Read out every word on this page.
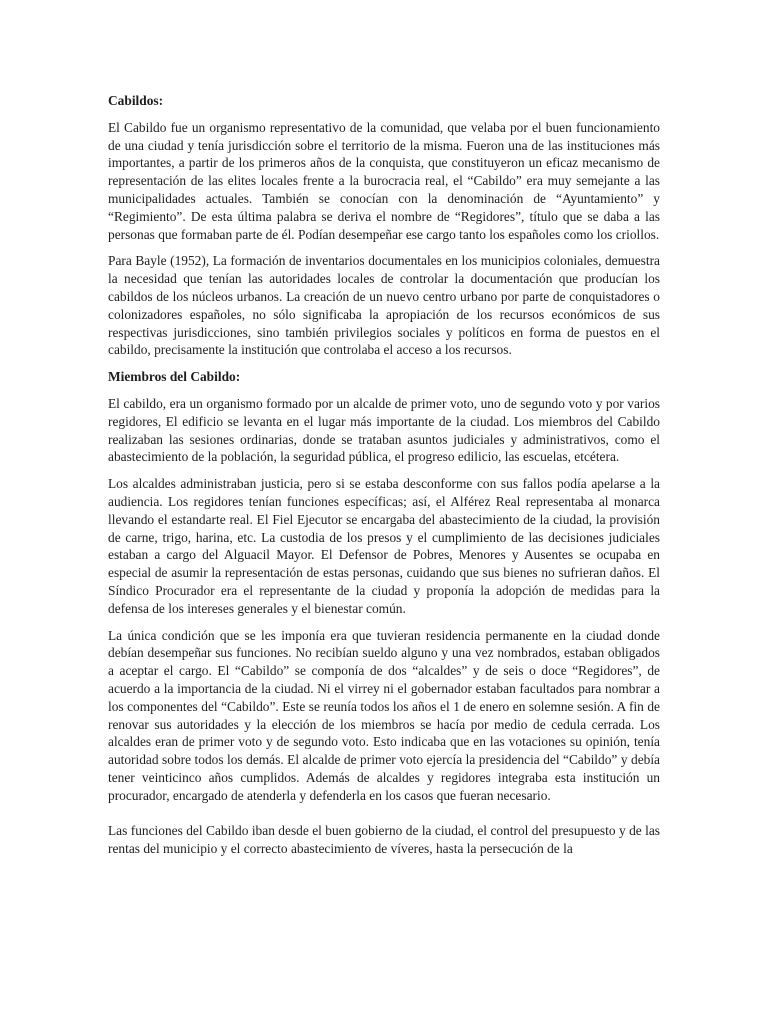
Cabildos:

El Cabildo fue un organismo representativo de la comunidad, que velaba por el buen funcionamiento de una ciudad y tenía jurisdicción sobre el territorio de la misma. Fueron una de las instituciones más importantes, a partir de los primeros años de la conquista, que constituyeron un eficaz mecanismo de representación de las elites locales frente a la burocracia real, el “Cabildo” era muy semejante a las municipalidades actuales. También se conocían con la denominación de “Ayuntamiento” y “Regimiento”. De esta última palabra se deriva el nombre de “Regidores”, título que se daba a las personas que formaban parte de él. Podían desempeñar ese cargo tanto los españoles como los criollos.

Para Bayle (1952), La formación de inventarios documentales en los municipios coloniales, demuestra la necesidad que tenían las autoridades locales de controlar la documentación que producían los cabildos de los núcleos urbanos. La creación de un nuevo centro urbano por parte de conquistadores o colonizadores españoles, no sólo significaba la apropiación de los recursos económicos de sus respectivas jurisdicciones, sino también privilegios sociales y políticos en forma de puestos en el cabildo, precisamente la institución que controlaba el acceso a los recursos.

Miembros del Cabildo:

El cabildo, era un organismo formado por un alcalde de primer voto, uno de segundo voto y por varios regidores, El edificio se levanta en el lugar más importante de la ciudad. Los miembros del Cabildo realizaban las sesiones ordinarias, donde se trataban asuntos judiciales y administrativos, como el abastecimiento de la población, la seguridad pública, el progreso edilicio, las escuelas, etcétera.

Los alcaldes administraban justicia, pero si se estaba desconforme con sus fallos podía apelarse a la audiencia. Los regidores tenían funciones específicas; así, el Alférez Real representaba al monarca llevando el estandarte real. El Fiel Ejecutor se encargaba del abastecimiento de la ciudad, la provisión de carne, trigo, harina, etc. La custodia de los presos y el cumplimiento de las decisiones judiciales estaban a cargo del Alguacil Mayor. El Defensor de Pobres, Menores y Ausentes se ocupaba en especial de asumir la representación de estas personas, cuidando que sus bienes no sufrieran daños. El Síndico Procurador era el representante de la ciudad y proponía la adopción de medidas para la defensa de los intereses generales y el bienestar común.

La única condición que se les imponía era que tuvieran residencia permanente en la ciudad donde debían desempeñar sus funciones. No recibían sueldo alguno y una vez nombrados, estaban obligados a aceptar el cargo. El “Cabildo” se componía de dos “alcaldes” y de seis o doce “Regidores”, de acuerdo a la importancia de la ciudad. Ni el virrey ni el gobernador estaban facultados para nombrar a los componentes del “Cabildo”. Este se reunía todos los años el 1 de enero en solemne sesión. A fin de renovar sus autoridades y la elección de los miembros se hacía por medio de cedula cerrada. Los alcaldes eran de primer voto y de segundo voto. Esto indicaba que en las votaciones su opinión, tenía autoridad sobre todos los demás. El alcalde de primer voto ejercía la presidencia del “Cabildo” y debía tener veinticinco años cumplidos. Además de alcaldes y regidores integraba esta institución un procurador, encargado de atenderla y defenderla en los casos que fueran necesario.

Las funciones del Cabildo iban desde el buen gobierno de la ciudad, el control del presupuesto y de las rentas del municipio y el correcto abastecimiento de víveres, hasta la persecución de la
